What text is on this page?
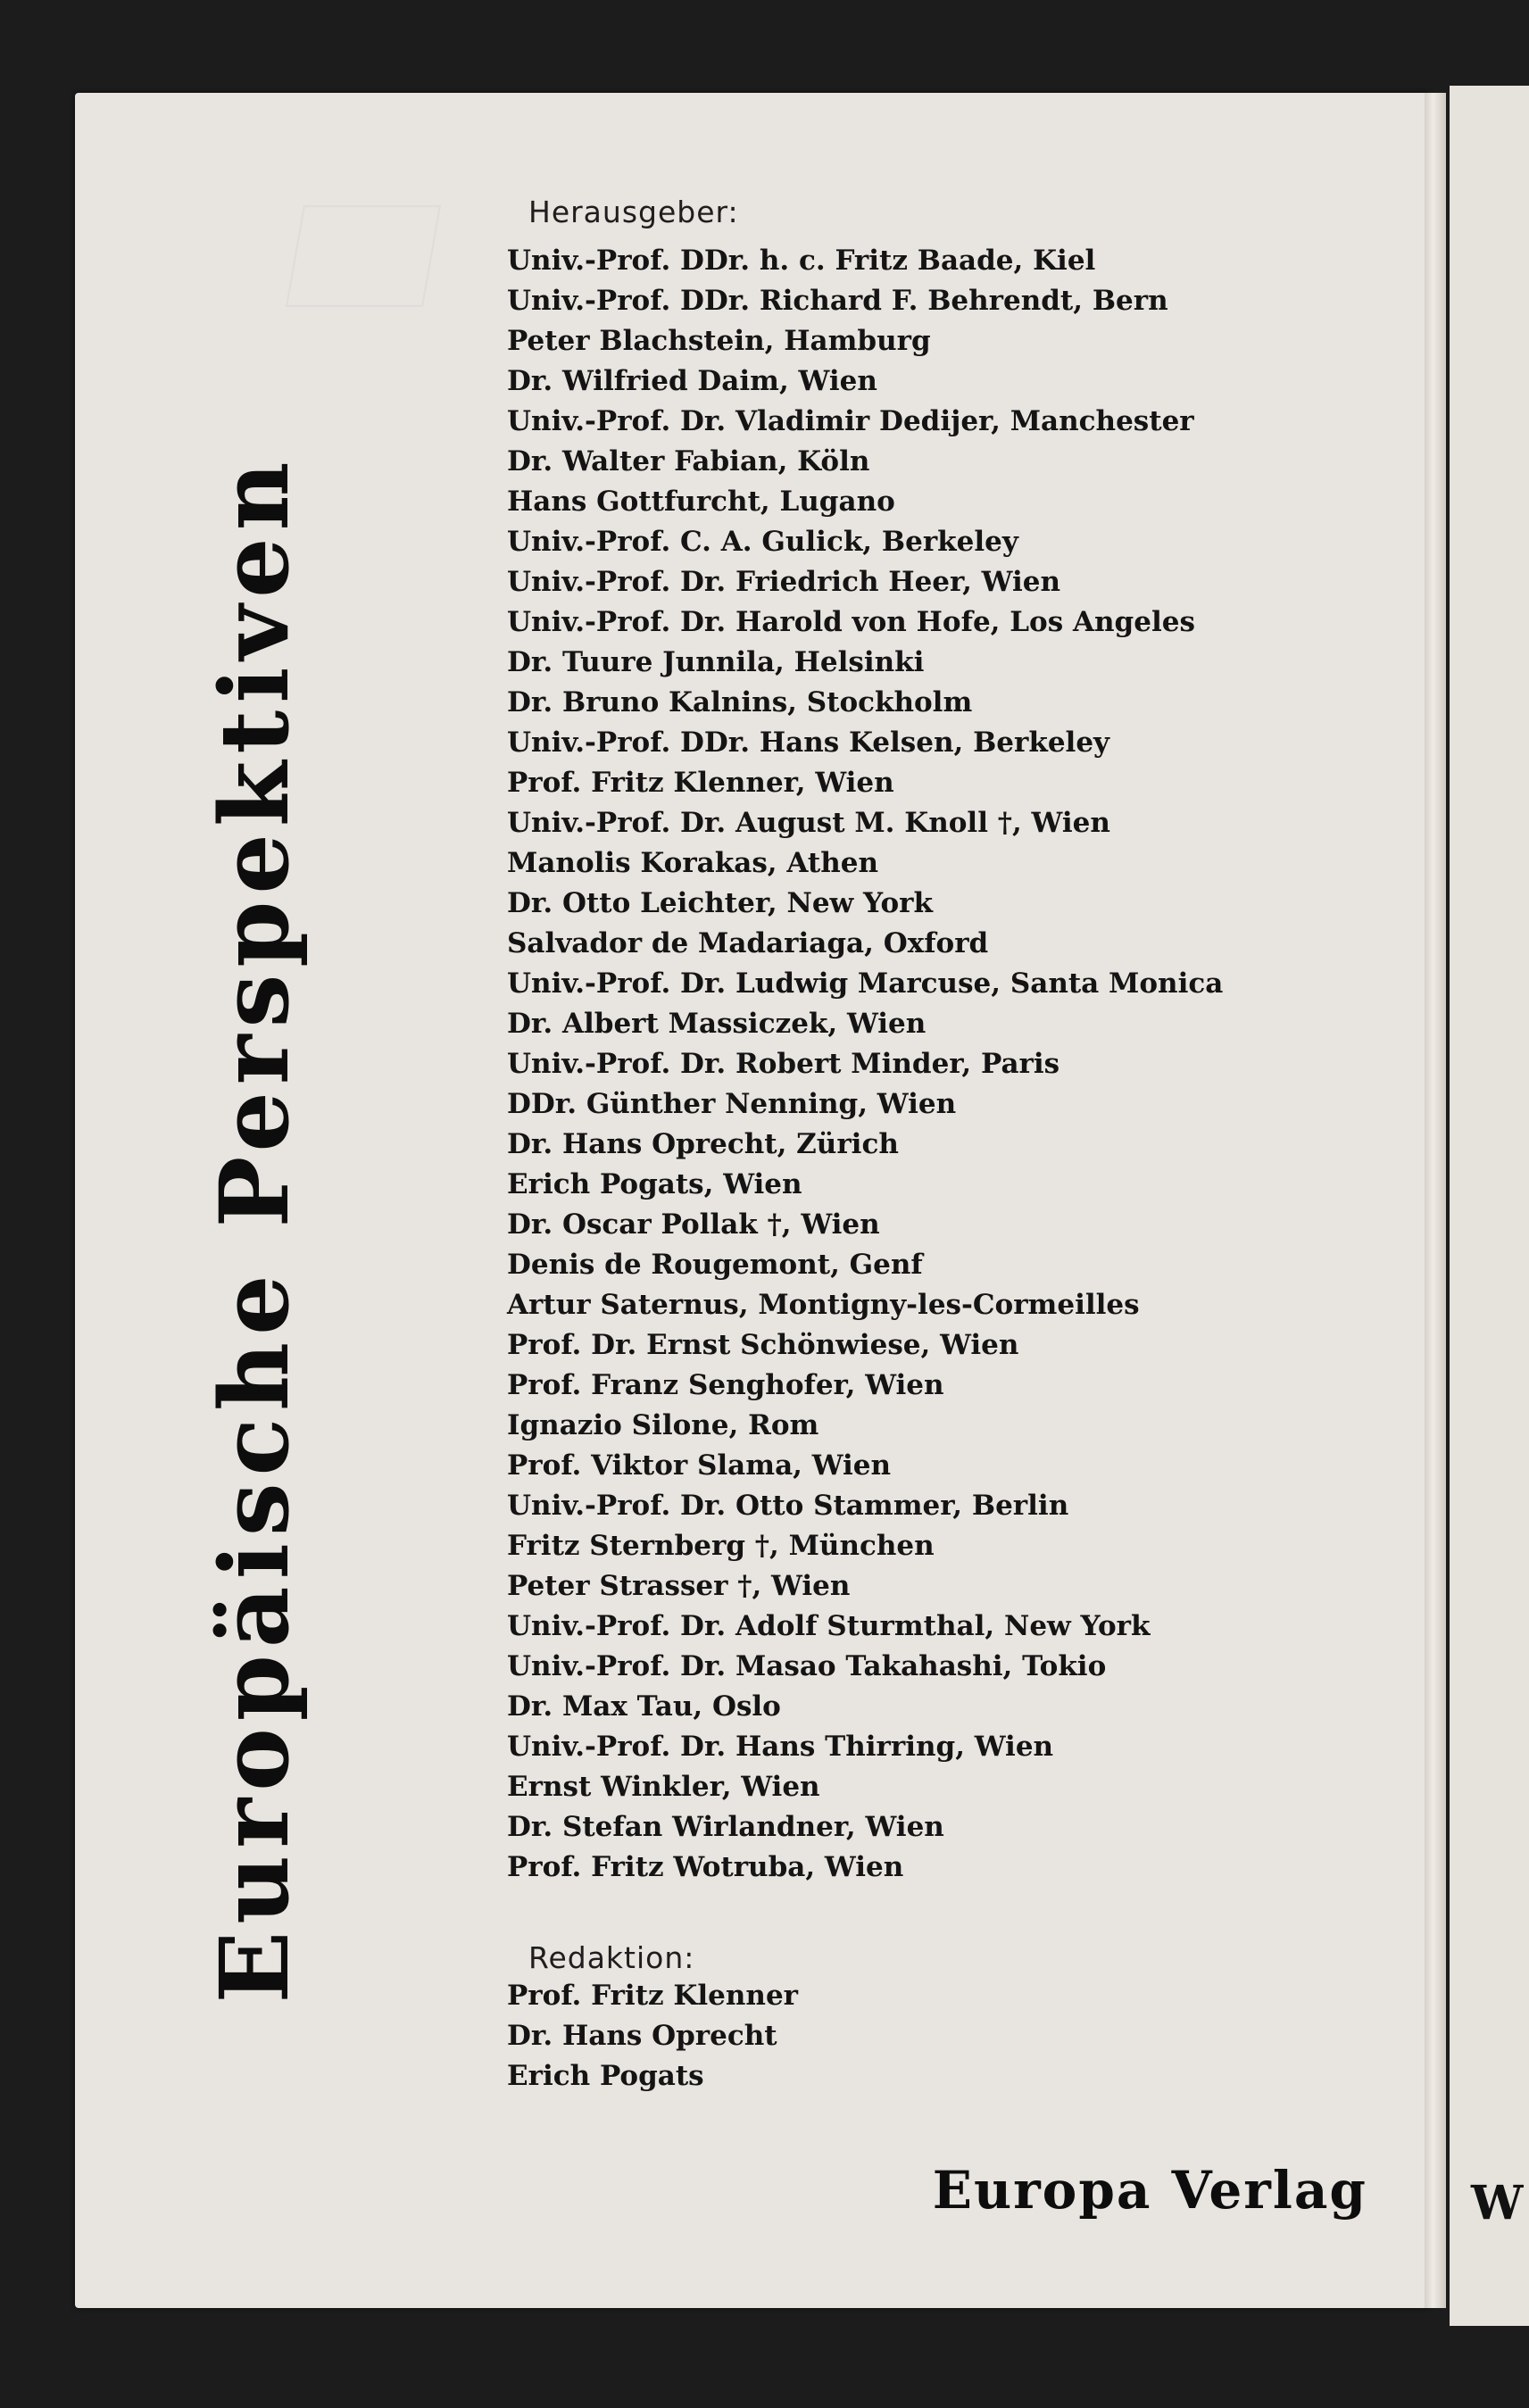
W
Europäische Perspektiven
Herausgeber:
Univ.-Prof. DDr. h. c. Fritz Baade, Kiel
Univ.-Prof. DDr. Richard F. Behrendt, Bern
Peter Blachstein, Hamburg
Dr. Wilfried Daim, Wien
Univ.-Prof. Dr. Vladimir Dedijer, Manchester
Dr. Walter Fabian, Köln
Hans Gottfurcht, Lugano
Univ.-Prof. C. A. Gulick, Berkeley
Univ.-Prof. Dr. Friedrich Heer, Wien
Univ.-Prof. Dr. Harold von Hofe, Los Angeles
Dr. Tuure Junnila, Helsinki
Dr. Bruno Kalnins, Stockholm
Univ.-Prof. DDr. Hans Kelsen, Berkeley
Prof. Fritz Klenner, Wien
Univ.-Prof. Dr. August M. Knoll †, Wien
Manolis Korakas, Athen
Dr. Otto Leichter, New York
Salvador de Madariaga, Oxford
Univ.-Prof. Dr. Ludwig Marcuse, Santa Monica
Dr. Albert Massiczek, Wien
Univ.-Prof. Dr. Robert Minder, Paris
DDr. Günther Nenning, Wien
Dr. Hans Oprecht, Zürich
Erich Pogats, Wien
Dr. Oscar Pollak †, Wien
Denis de Rougemont, Genf
Artur Saternus, Montigny-les-Cormeilles
Prof. Dr. Ernst Schönwiese, Wien
Prof. Franz Senghofer, Wien
Ignazio Silone, Rom
Prof. Viktor Slama, Wien
Univ.-Prof. Dr. Otto Stammer, Berlin
Fritz Sternberg †, München
Peter Strasser †, Wien
Univ.-Prof. Dr. Adolf Sturmthal, New York
Univ.-Prof. Dr. Masao Takahashi, Tokio
Dr. Max Tau, Oslo
Univ.-Prof. Dr. Hans Thirring, Wien
Ernst Winkler, Wien
Dr. Stefan Wirlandner, Wien
Prof. Fritz Wotruba, Wien
Redaktion:
Prof. Fritz Klenner
Dr. Hans Oprecht
Erich Pogats
Europa Verlag
